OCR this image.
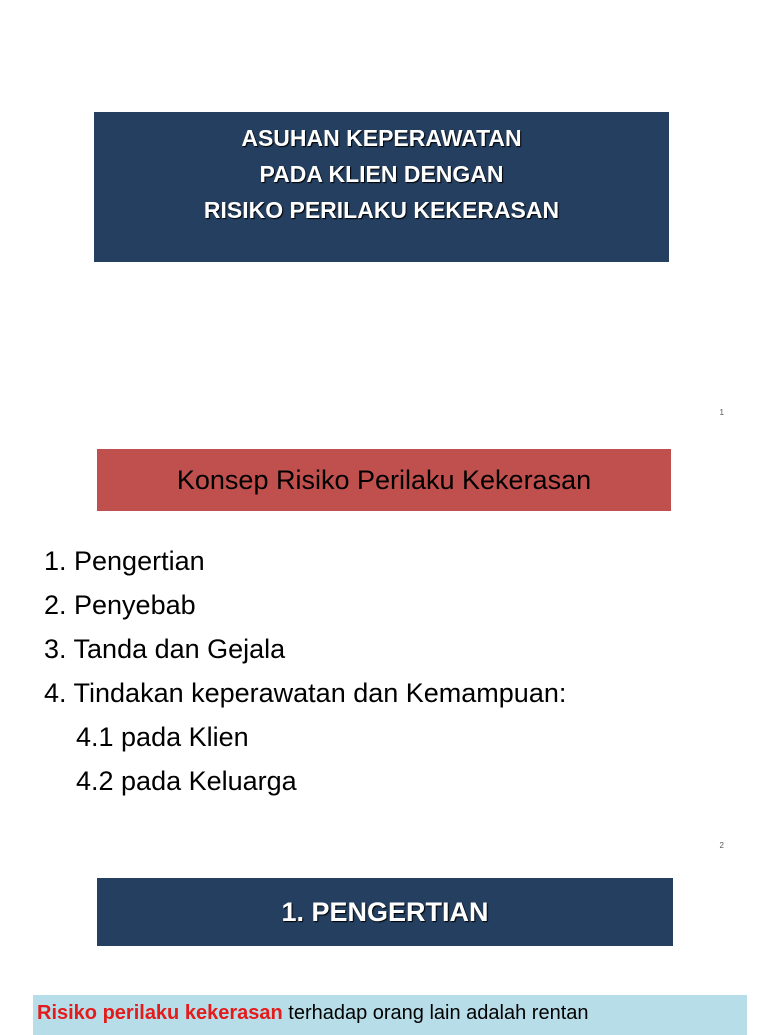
ASUHAN KEPERAWATAN
PADA KLIEN DENGAN
RISIKO PERILAKU KEKERASAN
1
Konsep Risiko Perilaku Kekerasan
1. Pengertian
2. Penyebab
3. Tanda dan Gejala
4. Tindakan keperawatan dan Kemampuan:
4.1 pada Klien
4.2 pada Keluarga
2
1. PENGERTIAN
Risiko perilaku kekerasan terhadap orang lain adalah rentan
